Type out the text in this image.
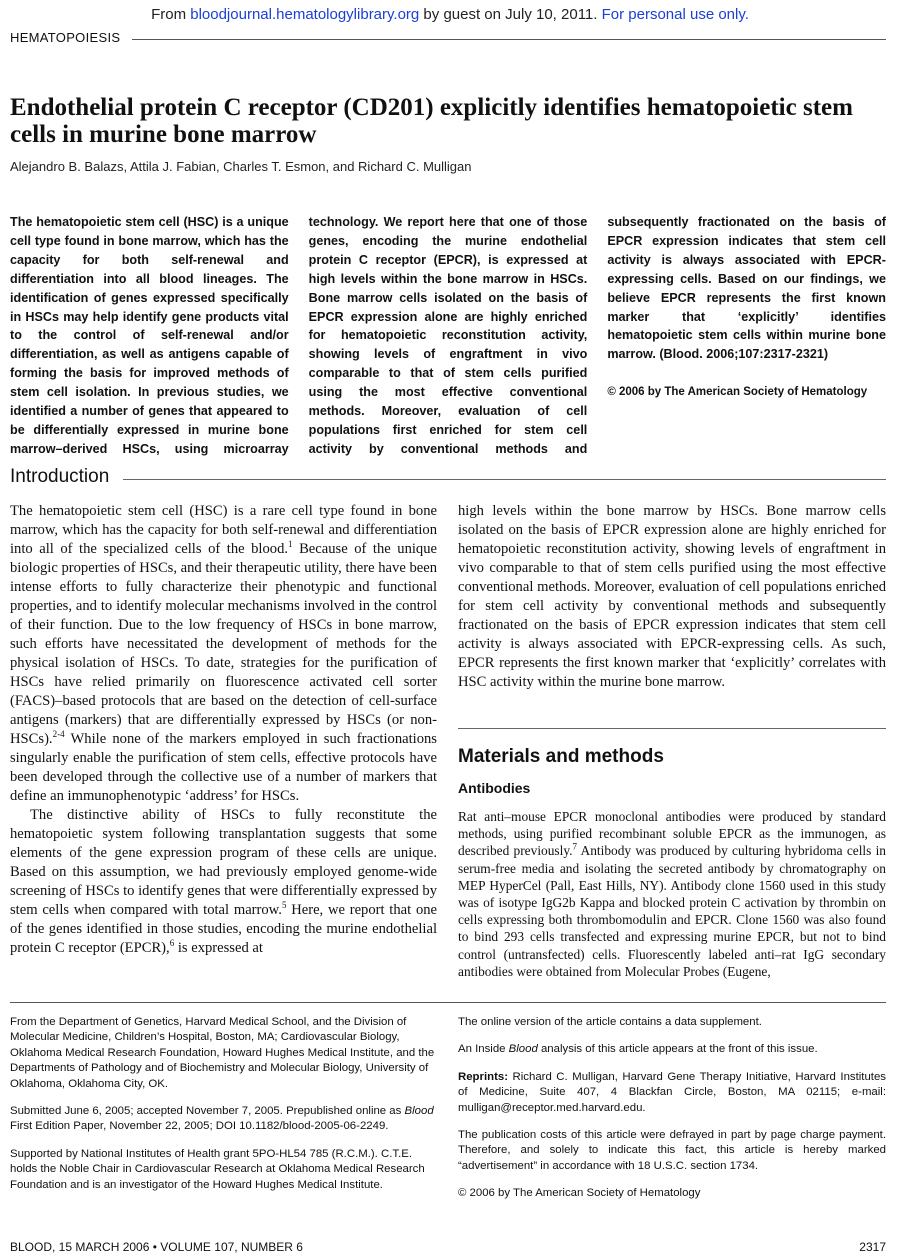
From bloodjournal.hematologylibrary.org by guest on July 10, 2011. For personal use only.
HEMATOPOIESIS
Endothelial protein C receptor (CD201) explicitly identifies hematopoietic stem cells in murine bone marrow
Alejandro B. Balazs, Attila J. Fabian, Charles T. Esmon, and Richard C. Mulligan

The hematopoietic stem cell (HSC) is a unique cell type found in bone marrow, which has the capacity for both self-renewal and differentiation into all blood lineages. The identification of genes expressed specifically in HSCs may help identify gene products vital to the control of self-renewal and/or differentiation, as well as antigens capable of forming the basis for improved methods of stem cell isolation. In previous studies, we identified a number of genes that appeared to be differentially expressed in murine bone marrow–derived HSCs, using microarray technology. We report here that one of those genes, encoding the murine endothelial protein C receptor (EPCR), is expressed at high levels within the bone marrow in HSCs. Bone marrow cells isolated on the basis of EPCR expression alone are highly enriched for hematopoietic reconstitution activity, showing levels of engraftment in vivo comparable to that of stem cells purified using the most effective conventional methods. Moreover, evaluation of cell populations first enriched for stem cell activity by conventional methods and subsequently fractionated on the basis of EPCR expression indicates that stem cell activity is always associated with EPCR-expressing cells. Based on our findings, we believe EPCR represents the first known marker that ‘explicitly’ identifies hematopoietic stem cells within murine bone marrow. (Blood. 2006;107:2317-2321)

© 2006 by The American Society of Hematology

Introduction

The hematopoietic stem cell (HSC) is a rare cell type found in bone marrow, which has the capacity for both self-renewal and differentiation into all of the specialized cells of the blood.$^1$ Because of the unique biologic properties of HSCs, and their therapeutic utility, there have been intense efforts to fully characterize their phenotypic and functional properties, and to identify molecular mechanisms involved in the control of their function. Due to the low frequency of HSCs in bone marrow, such efforts have necessitated the development of methods for the physical isolation of HSCs. To date, strategies for the purification of HSCs have relied primarily on fluorescence activated cell sorter (FACS)–based protocols that are based on the detection of cell-surface antigens (markers) that are differentially expressed by HSCs (or non-HSCs).$^{2-4}$ While none of the markers employed in such fractionations singularly enable the purification of stem cells, effective protocols have been developed through the collective use of a number of markers that define an immunophenotypic ‘address’ for HSCs.

The distinctive ability of HSCs to fully reconstitute the hematopoietic system following transplantation suggests that some elements of the gene expression program of these cells are unique. Based on this assumption, we had previously employed genome-wide screening of HSCs to identify genes that were differentially expressed by stem cells when compared with total marrow.$^5$ Here, we report that one of the genes identified in those studies, encoding the murine endothelial protein C receptor (EPCR),$^6$ is expressed at

high levels within the bone marrow by HSCs. Bone marrow cells isolated on the basis of EPCR expression alone are highly enriched for hematopoietic reconstitution activity, showing levels of engraftment in vivo comparable to that of stem cells purified using the most effective conventional methods. Moreover, evaluation of cell populations enriched for stem cell activity by conventional methods and subsequently fractionated on the basis of EPCR expression indicates that stem cell activity is always associated with EPCR-expressing cells. As such, EPCR represents the first known marker that ‘explicitly’ correlates with HSC activity within the murine bone marrow.

Materials and methods
Antibodies
Rat anti–mouse EPCR monoclonal antibodies were produced by standard methods, using purified recombinant soluble EPCR as the immunogen, as described previously.$^7$ Antibody was produced by culturing hybridoma cells in serum-free media and isolating the secreted antibody by chromatography on MEP HyperCel (Pall, East Hills, NY). Antibody clone 1560 used in this study was of isotype IgG2b Kappa and blocked protein C activation by thrombin on cells expressing both thrombomodulin and EPCR. Clone 1560 was also found to bind 293 cells transfected and expressing murine EPCR, but not to bind control (untransfected) cells. Fluorescently labeled anti–rat IgG secondary antibodies were obtained from Molecular Probes (Eugene,

From the Department of Genetics, Harvard Medical School, and the Division of Molecular Medicine, Children’s Hospital, Boston, MA; Cardiovascular Biology, Oklahoma Medical Research Foundation, Howard Hughes Medical Institute, and the Departments of Pathology and of Biochemistry and Molecular Biology, University of Oklahoma, Oklahoma City, OK.

Submitted June 6, 2005; accepted November 7, 2005. Prepublished online as Blood First Edition Paper, November 22, 2005; DOI 10.1182/blood-2005-06-2249.

Supported by National Institutes of Health grant 5PO-HL54 785 (R.C.M.). C.T.E. holds the Noble Chair in Cardiovascular Research at Oklahoma Medical Research Foundation and is an investigator of the Howard Hughes Medical Institute.

The online version of the article contains a data supplement.

An Inside Blood analysis of this article appears at the front of this issue.

Reprints: Richard C. Mulligan, Harvard Gene Therapy Initiative, Harvard Institutes of Medicine, Suite 407, 4 Blackfan Circle, Boston, MA 02115; e-mail: mulligan@receptor.med.harvard.edu.

The publication costs of this article were defrayed in part by page charge payment. Therefore, and solely to indicate this fact, this article is hereby marked “advertisement” in accordance with 18 U.S.C. section 1734.

© 2006 by The American Society of Hematology

BLOOD, 15 MARCH 2006 • VOLUME 107, NUMBER 6	2317
